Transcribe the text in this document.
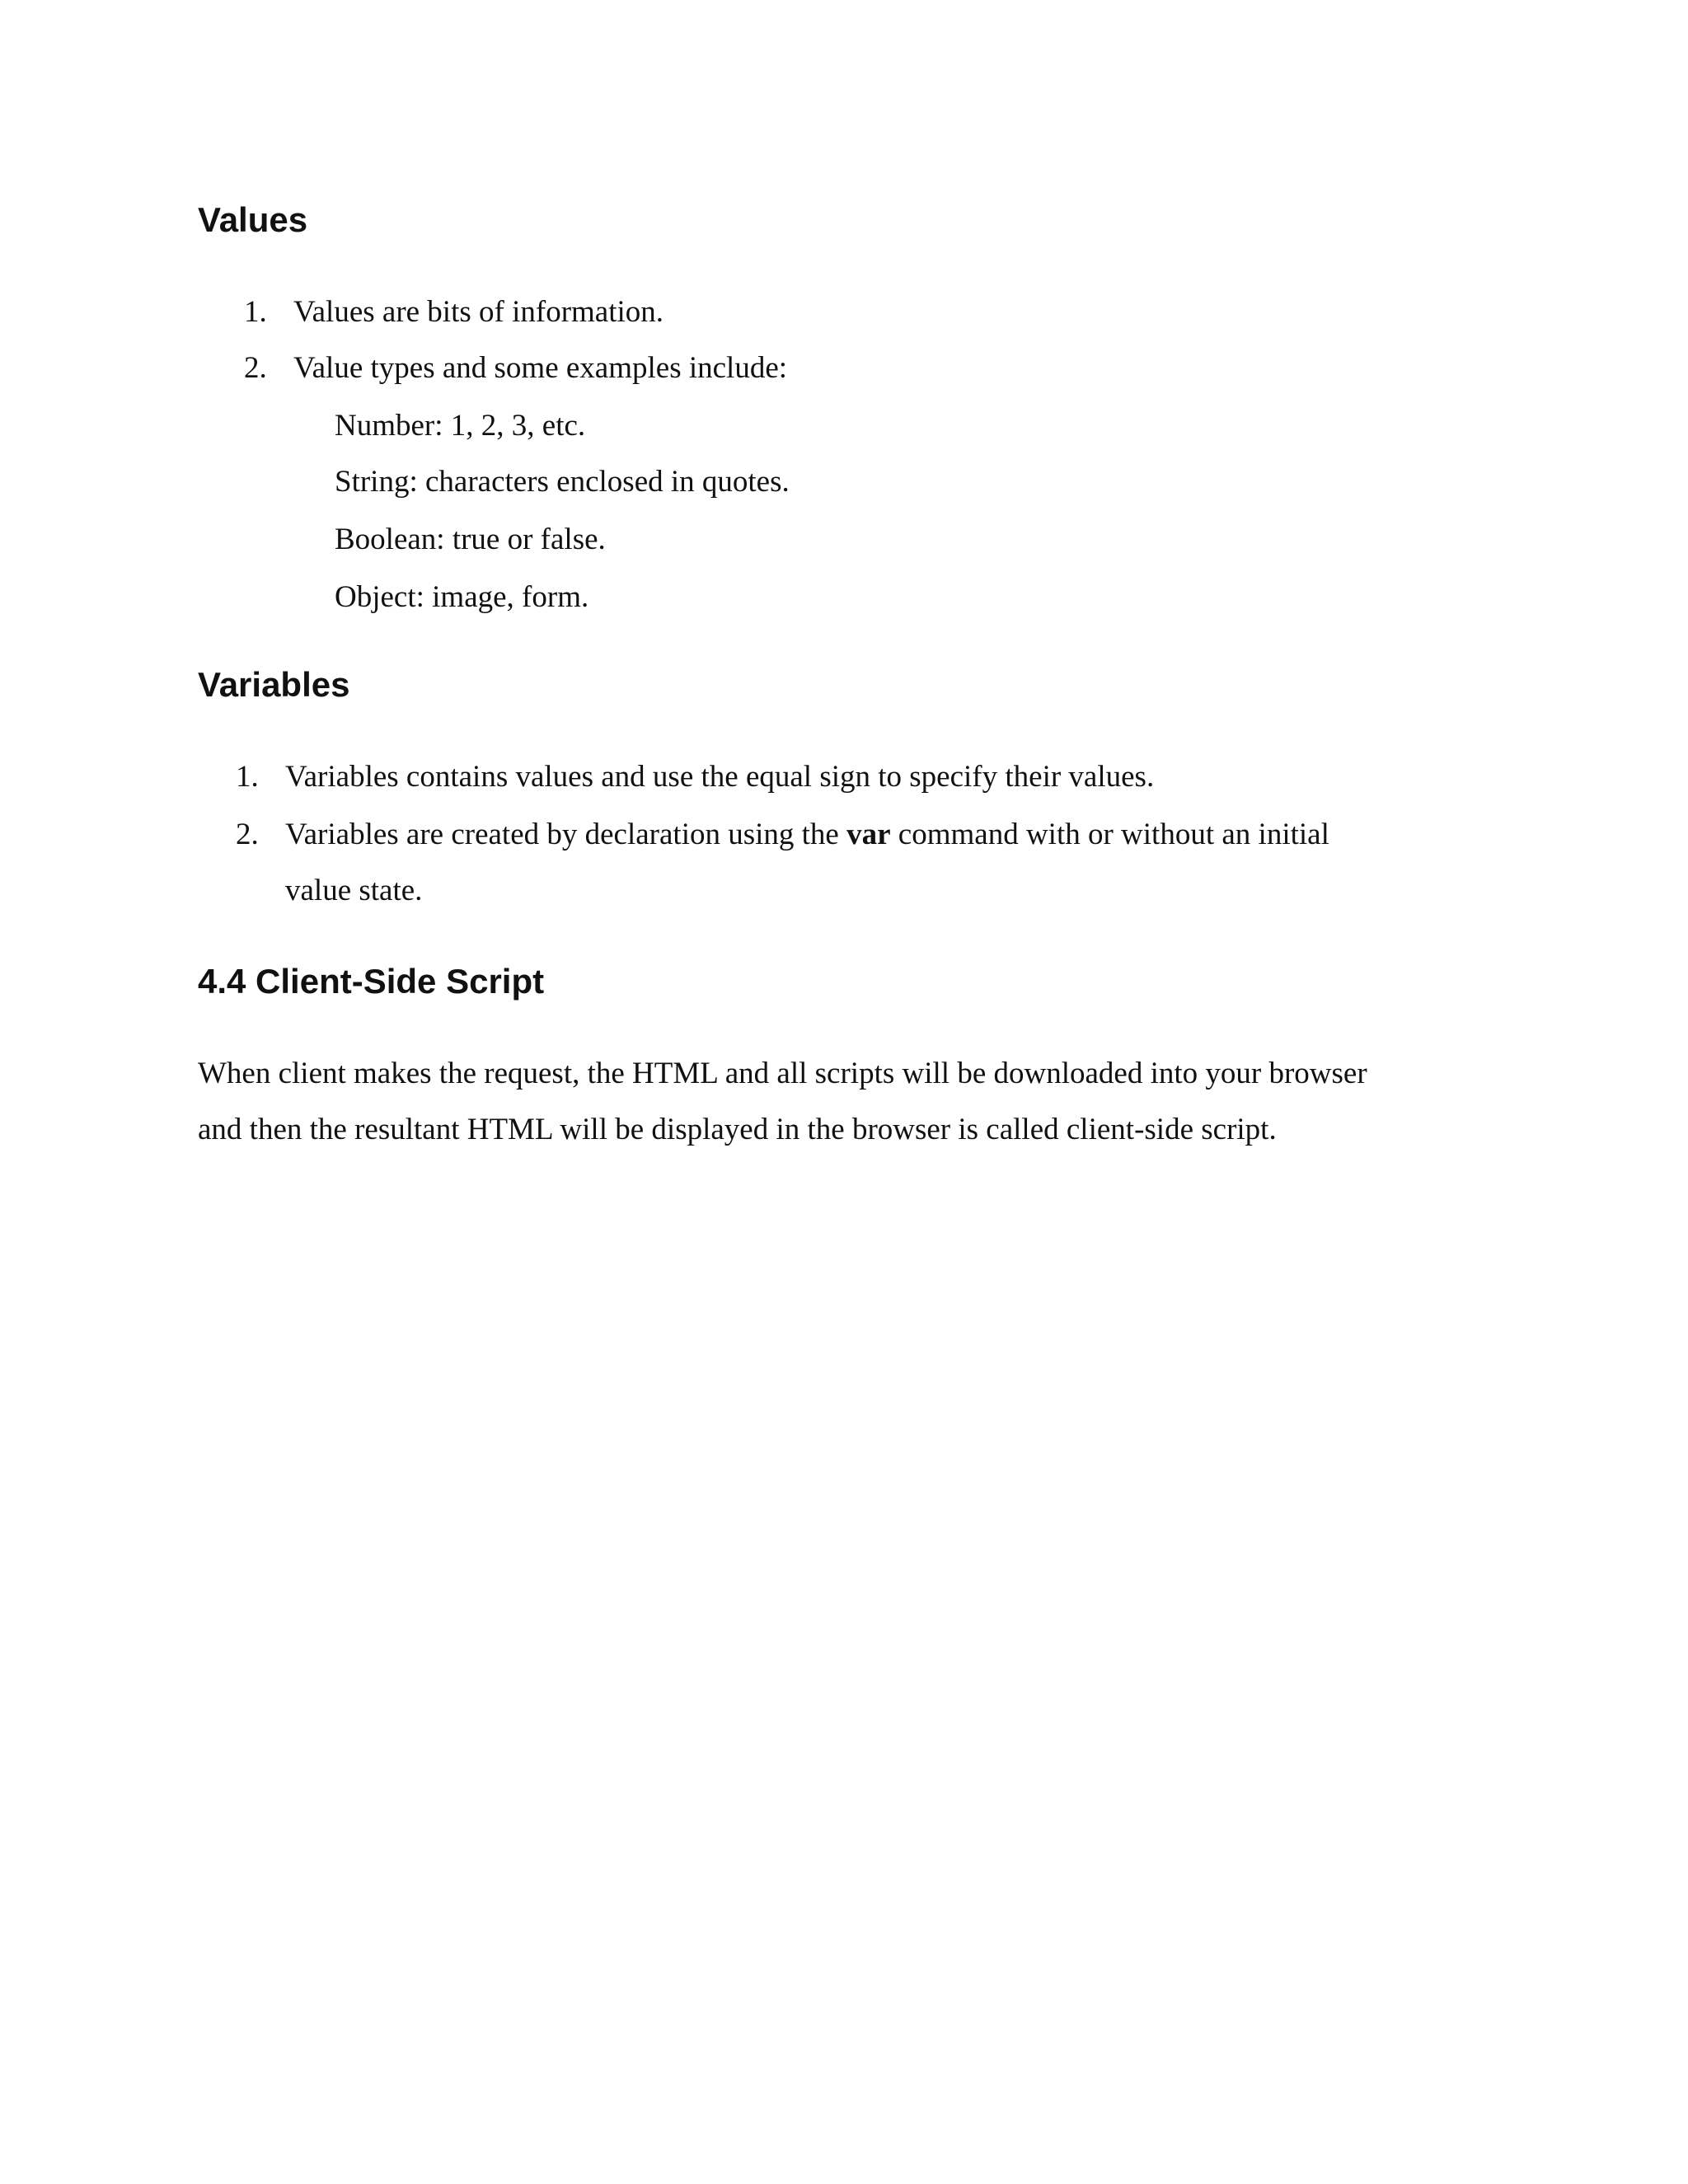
Values
1. Values are bits of information.
2. Value types and some examples include:
Number: 1, 2, 3, etc.
String: characters enclosed in quotes.
Boolean: true or false.
Object: image, form.
Variables
1. Variables contains values and use the equal sign to specify their values.
2. Variables are created by declaration using the var command with or without an initial
value state.
4.4 Client-Side Script
When client makes the request, the HTML and all scripts will be downloaded into your browser
and then the resultant HTML will be displayed in the browser is called client-side script.
